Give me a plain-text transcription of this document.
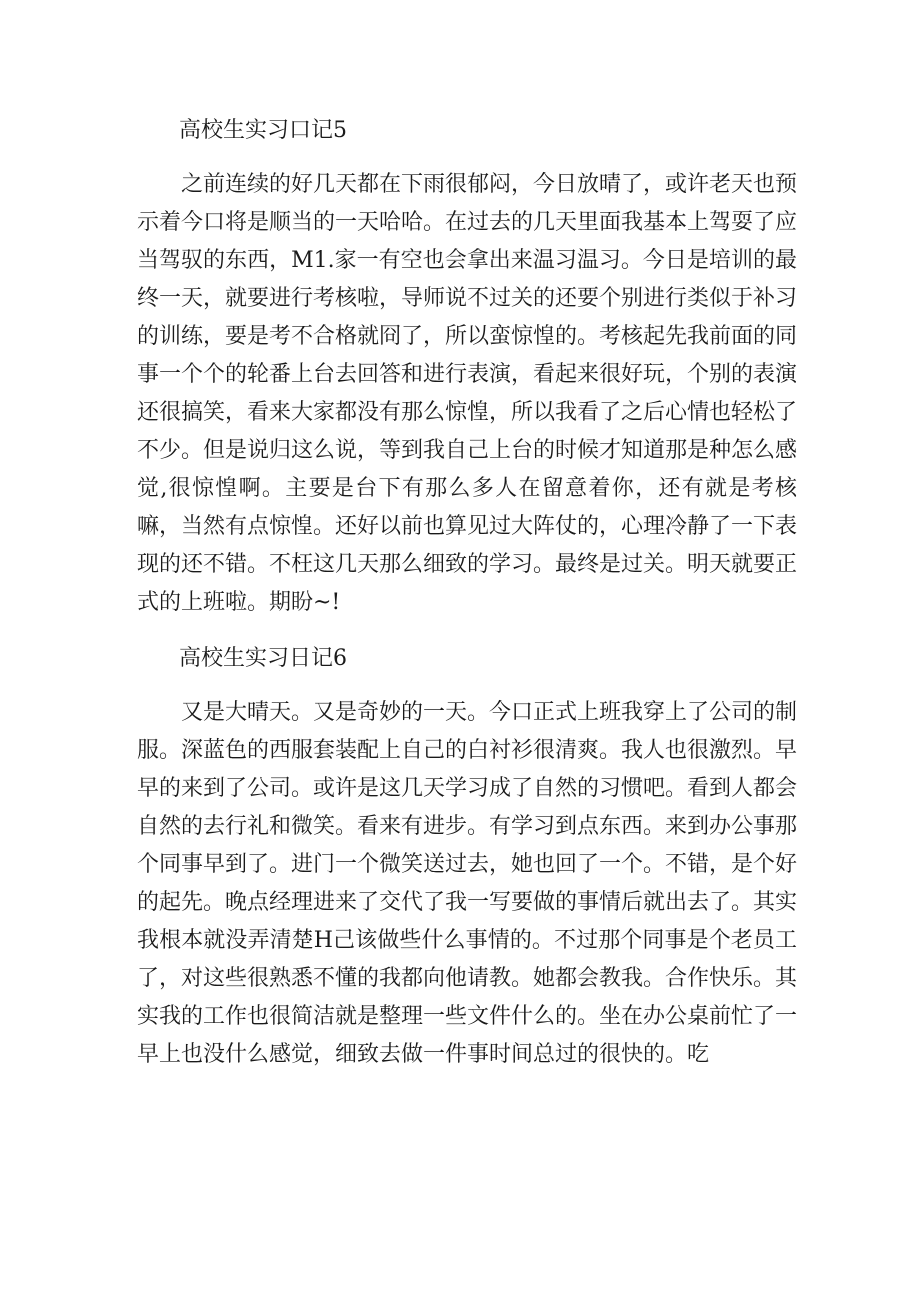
高校生实习口记5

之前连续的好几天都在下雨很郁闷，今日放晴了，或许老天也预示着今口将是顺当的一天哈哈。在过去的几天里面我基本上驾耍了应当驾驭的东西，M1.家一有空也会拿出来温习温习。今日是培训的最终一天，就要进行考核啦，导师说不过关的还要个别进行类似于补习的训练，要是考不合格就冏了，所以蛮惊惶的。考核起先我前面的同事一个个的轮番上台去回答和进行表演，看起来很好玩，个别的表演还很搞笑，看来大家都没有那么惊惶，所以我看了之后心情也轻松了不少。但是说归这么说，等到我自己上台的时候才知道那是种怎么感觉,很惊惶啊。主要是台下有那么多人在留意着你，还有就是考核嘛，当然有点惊惶。还好以前也算见过大阵仗的，心理冷静了一下表现的还不错。不枉这几天那么细致的学习。最终是过关。明天就要正式的上班啦。期盼~!

高校生实习日记6

又是大晴天。又是奇妙的一天。今口正式上班我穿上了公司的制服。深蓝色的西服套装配上自己的白衬衫很清爽。我人也很激烈。早早的来到了公司。或许是这几天学习成了自然的习惯吧。看到人都会自然的去行礼和微笑。看来有进步。有学习到点东西。来到办公事那个同事早到了。进门一个微笑送过去，她也回了一个。不错，是个好的起先。晚点经理进来了交代了我一写要做的事情后就出去了。其实我根本就没弄清楚H己该做些什么事情的。不过那个同事是个老员工了，对这些很熟悉不懂的我都向他请教。她都会教我。合作快乐。其实我的工作也很简洁就是整理一些文件什么的。坐在办公桌前忙了一早上也没什么感觉，细致去做一件事时间总过的很快的。吃
